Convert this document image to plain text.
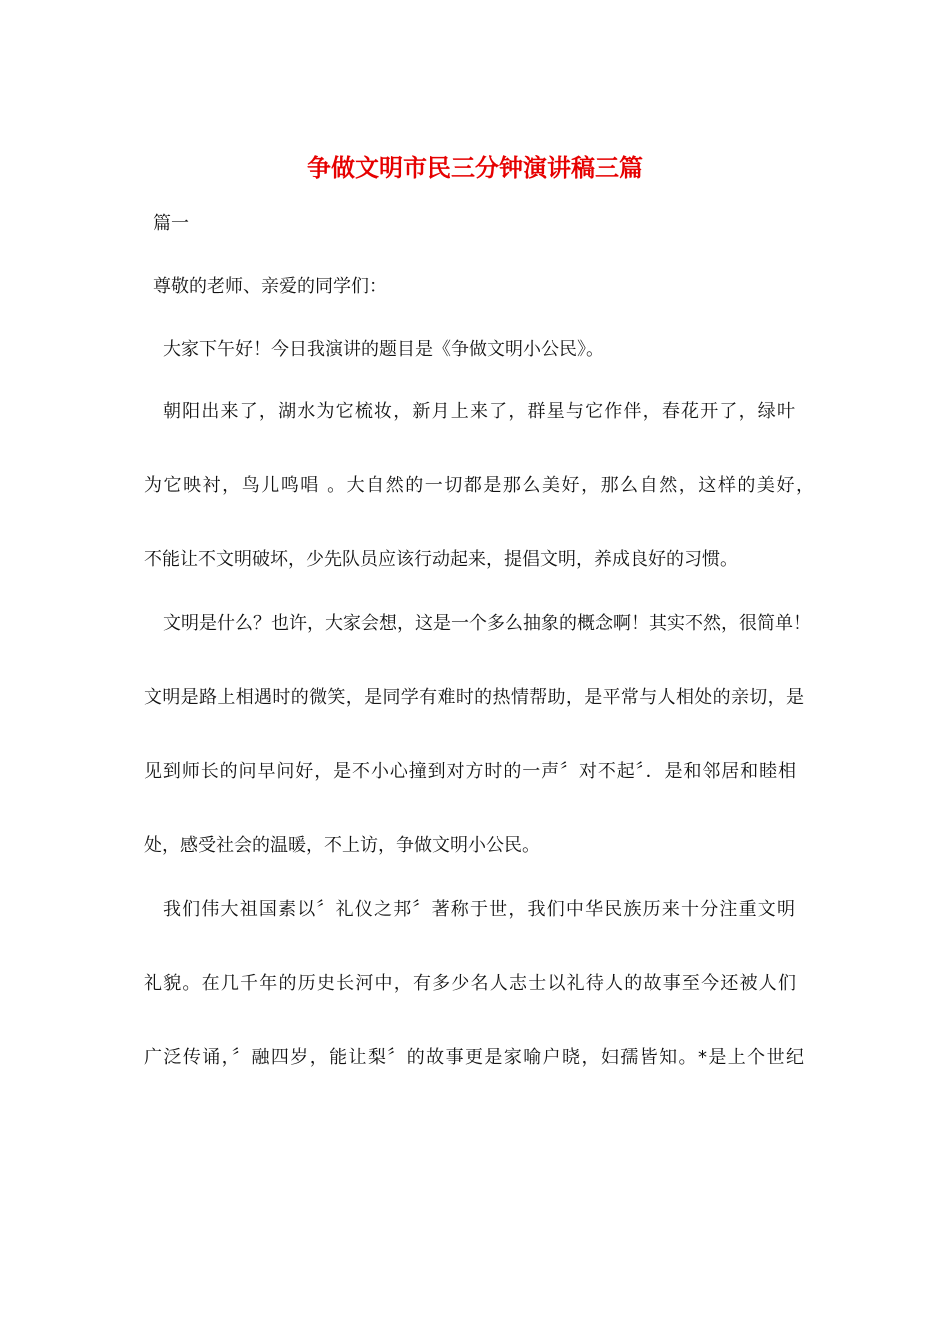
争做文明市民三分钟演讲稿三篇
篇一
尊敬的老师、亲爱的同学们：
大家下午好！今日我演讲的题目是《争做文明小公民》。
朝阳出来了，湖水为它梳妆，新月上来了，群星与它作伴，春花开了，绿叶
为它映衬，鸟儿鸣唱 。大自然的一切都是那么美好，那么自然，这样的美好，
不能让不文明破坏，少先队员应该行动起来，提倡文明，养成良好的习惯。
文明是什么？也许，大家会想，这是一个多么抽象的概念啊！其实不然，很简单！
文明是路上相遇时的微笑，是同学有难时的热情帮助，是平常与人相处的亲切，是
见到师长的问早问好，是不小心撞到对方时的一声〞对不起〞．是和邻居和睦相
处，感受社会的温暖，不上访，争做文明小公民。
我们伟大祖国素以〞礼仪之邦〞著称于世，我们中华民族历来十分注重文明
礼貌。在几千年的历史长河中，有多少名人志士以礼待人的故事至今还被人们
广泛传诵，〞融四岁，能让梨〞的故事更是家喻户晓，妇孺皆知。*是上个世纪
